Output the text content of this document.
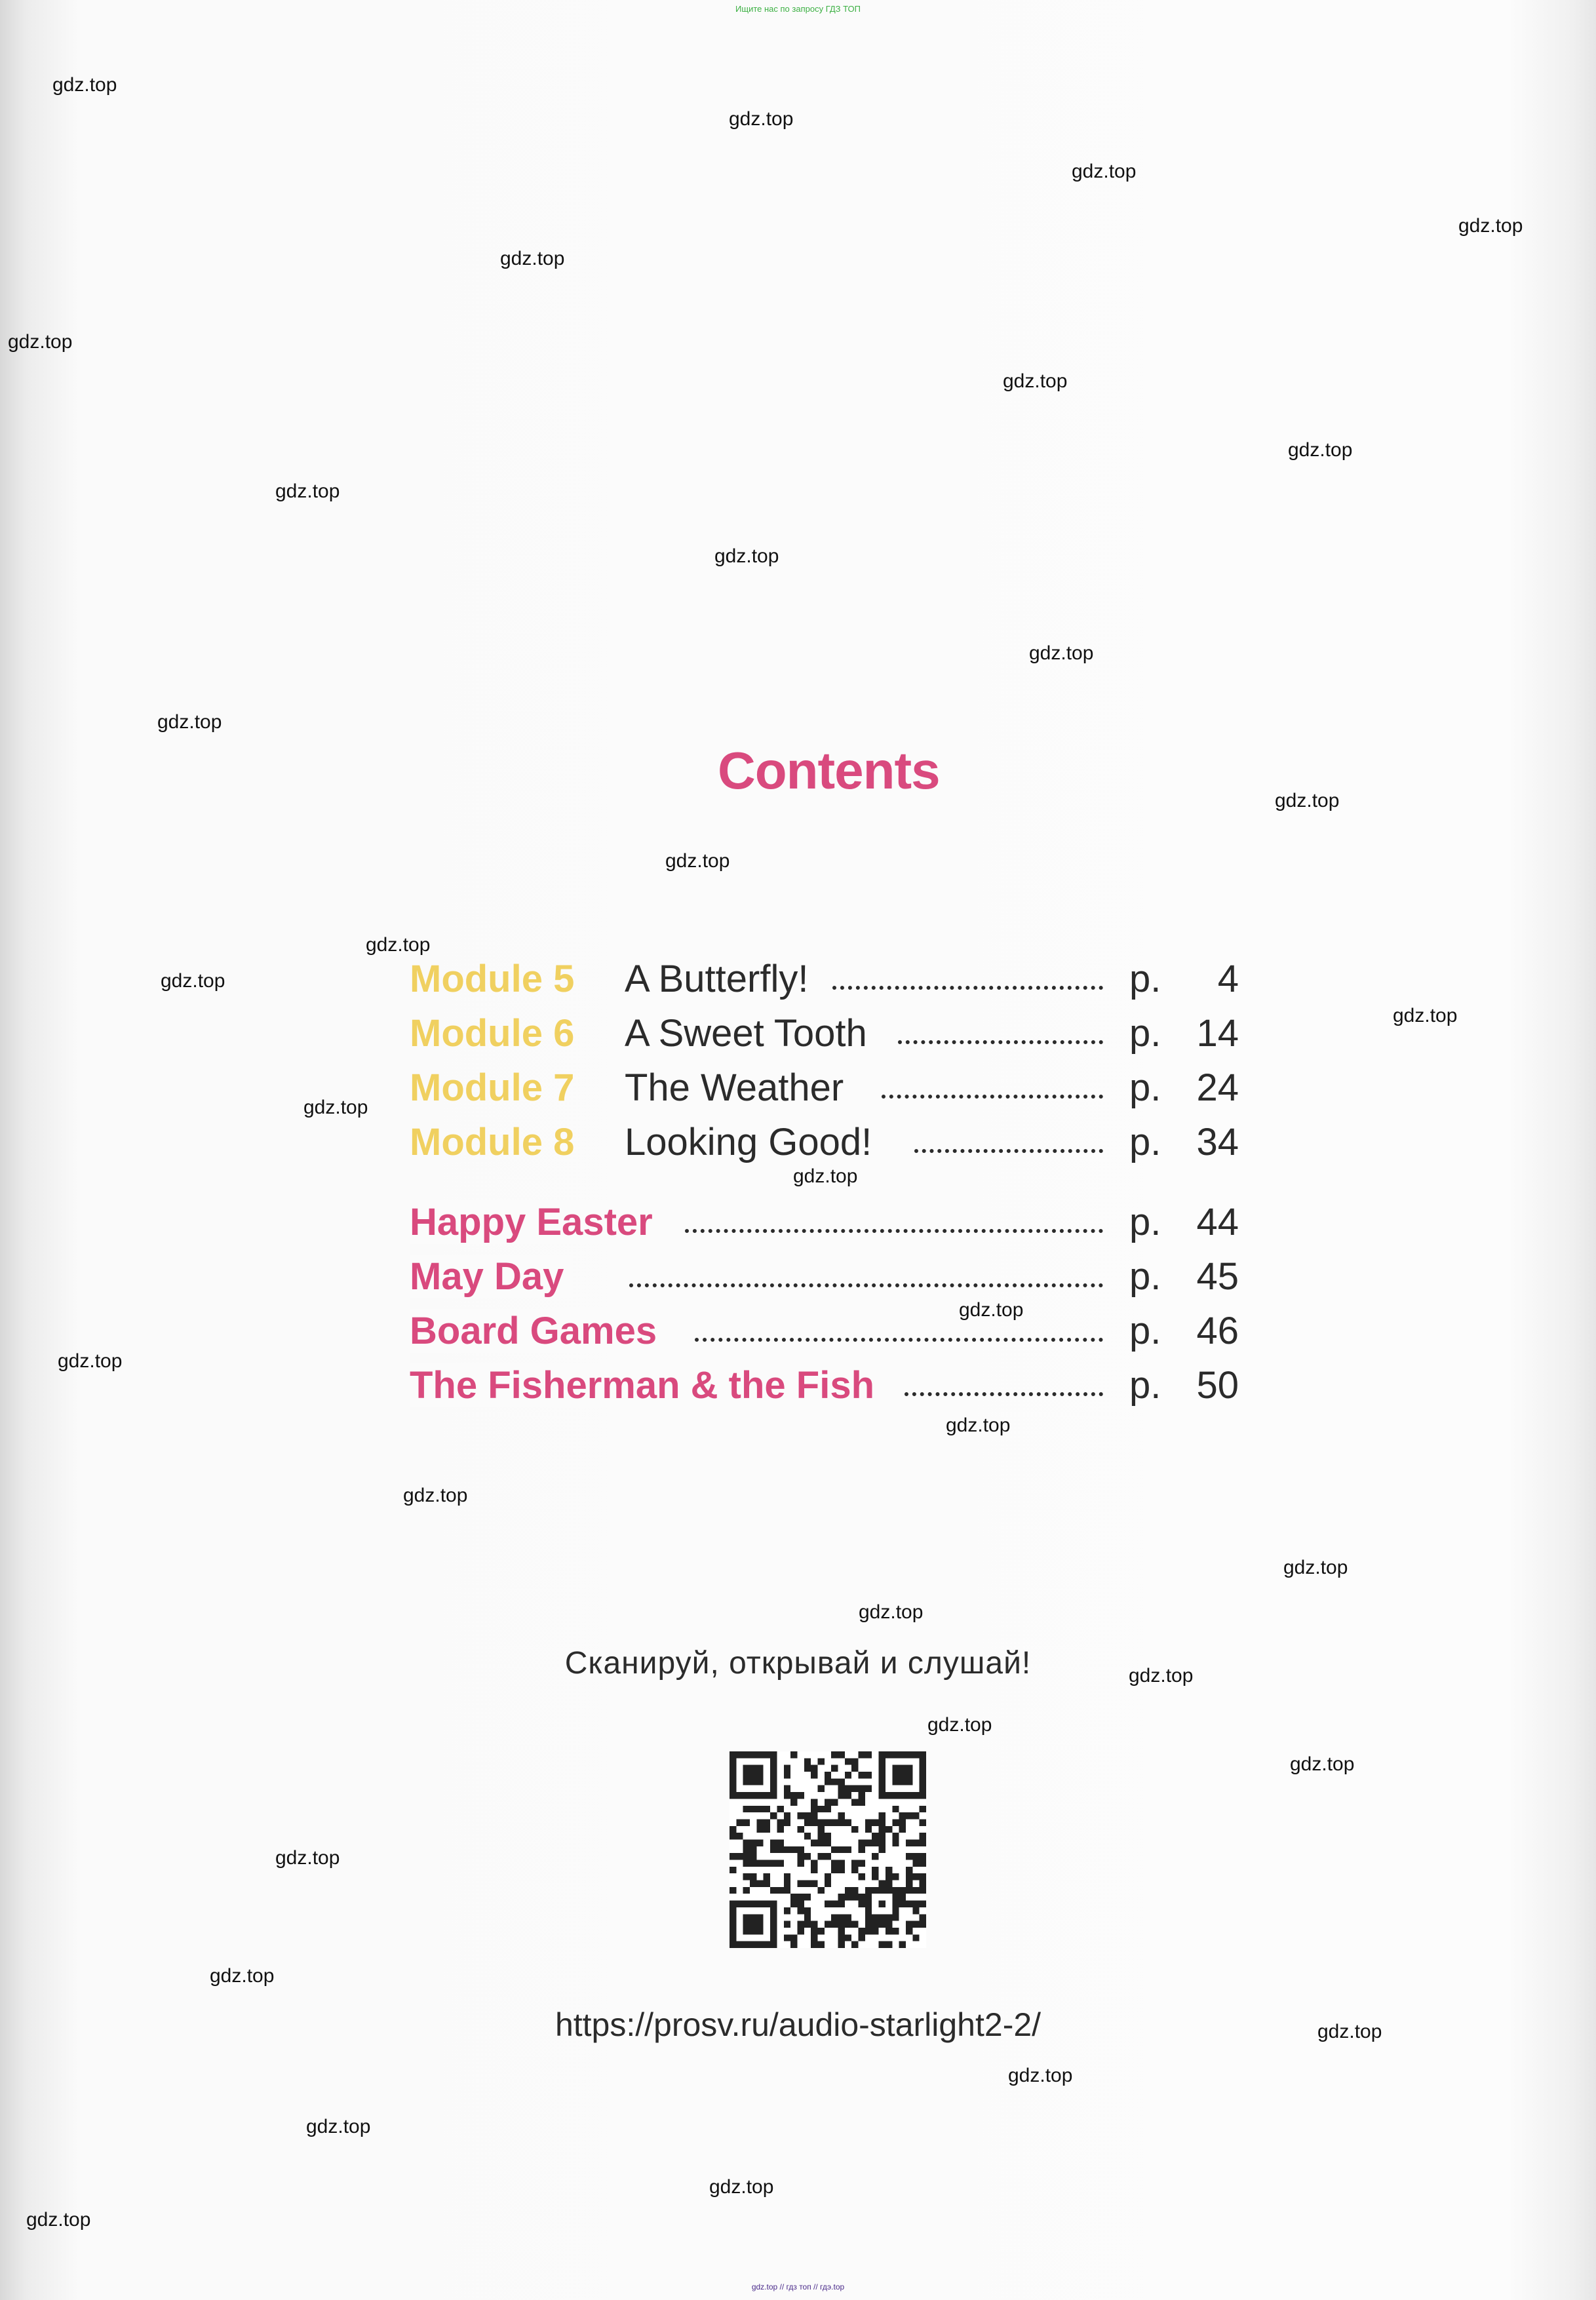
Ищите нас по запросу ГДЗ ТОП
Contents
Module 5 A Butterfly!	p. 4
Module 6 A Sweet Tooth	p. 14
Module 7 The Weather	p. 24
Module 8 Looking Good!	p. 34
Happy Easter	p. 44
May Day	p. 45
Board Games	p. 46
The Fisherman & the Fish	p. 50
Сканируй, открывай и слушай!
https://prosv.ru/audio-starlight2-2/
gdz.top // гдз топ // гдэ.top
gdz.top
gdz.top
gdz.top
gdz.top
gdz.top
gdz.top
gdz.top
gdz.top
gdz.top
gdz.top
gdz.top
gdz.top
gdz.top
gdz.top
gdz.top
gdz.top
gdz.top
gdz.top
gdz.top
gdz.top
gdz.top
gdz.top
gdz.top
gdz.top
gdz.top
gdz.top
gdz.top
gdz.top
gdz.top
gdz.top
gdz.top
gdz.top
gdz.top
gdz.top
gdz.top
